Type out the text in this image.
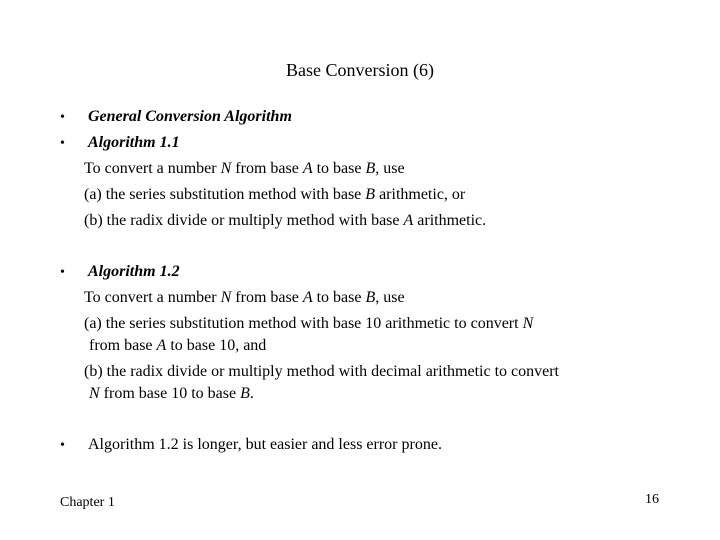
Base Conversion (6)
• General Conversion Algorithm
• Algorithm 1.1
To convert a number N from base A to base B, use
(a) the series substitution method with base B arithmetic, or
(b) the radix divide or multiply method with base A arithmetic.
• Algorithm 1.2
To convert a number N from base A to base B, use
(a) the series substitution method with base 10 arithmetic to convert N
from base A to base 10, and
(b) the radix divide or multiply method with decimal arithmetic to convert
N from base 10 to base B.
• Algorithm 1.2 is longer, but easier and less error prone.
Chapter 1	16
